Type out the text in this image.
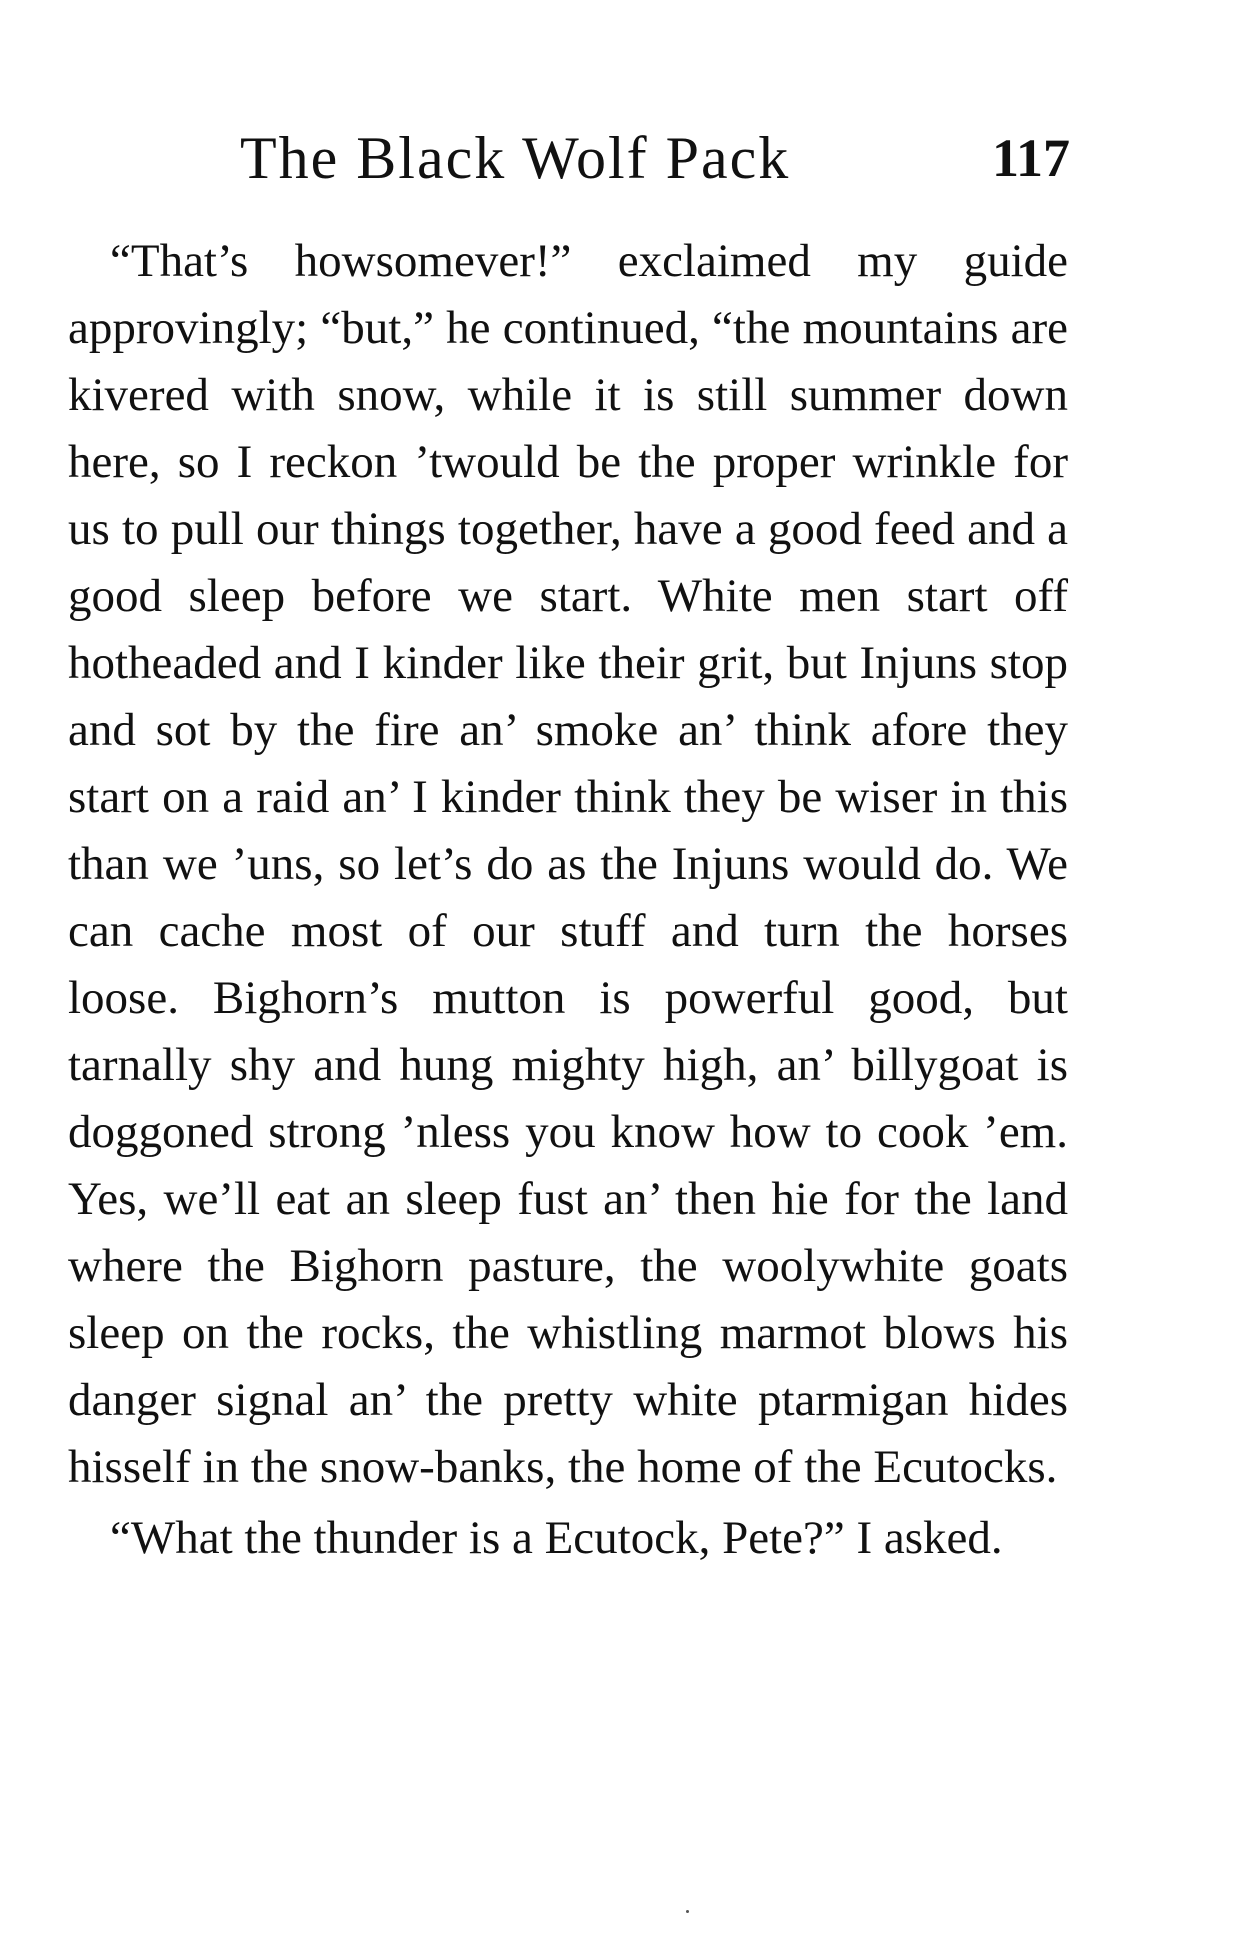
The Black Wolf Pack	117

“That’s howsomever!” exclaimed my guide approvingly; “but,” he continued, “the mountains are kivered with snow, while it is still summer down here, so I reckon ’twould be the proper wrinkle for us to pull our things together, have a good feed and a good sleep before we start. White men start off hotheaded and I kinder like their grit, but Injuns stop and sot by the fire an’ smoke an’ think afore they start on a raid an’ I kinder think they be wiser in this than we ’uns, so let’s do as the Injuns would do. We can cache most of our stuff and turn the horses loose. Bighorn’s mutton is powerful good, but tarnally shy and hung mighty high, an’ billygoat is doggoned strong ’nless you know how to cook ’em. Yes, we’ll eat an sleep fust an’ then hie for the land where the Bighorn pasture, the woolywhite goats sleep on the rocks, the whistling marmot blows his danger signal an’ the pretty white ptarmigan hides hisself in the snow-banks, the home of the Ecutocks.

“What the thunder is a Ecutock, Pete?” I asked.
